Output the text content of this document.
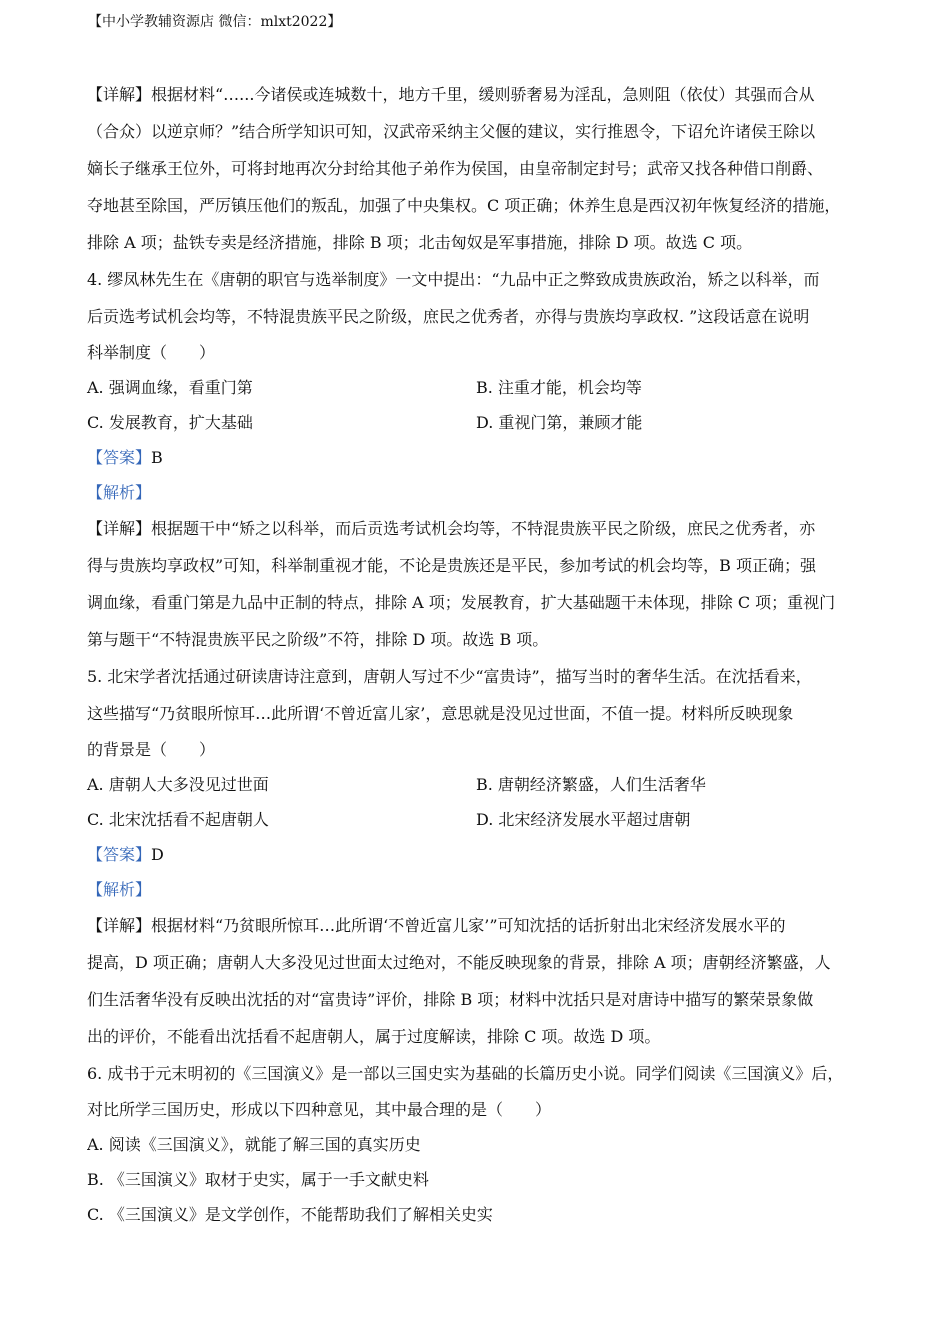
【中小学教辅资源店 微信：mlxt2022】
【详解】根据材料“…...今诸侯或连城数十，地方千里，缓则骄奢易为淫乱，急则阻（依仗）其强而合从
（合众）以逆京师？”结合所学知识可知，汉武帝采纳主父偃的建议，实行推恩令，下诏允许诸侯王除以
嫡长子继承王位外，可将封地再次分封给其他子弟作为侯国，由皇帝制定封号；武帝又找各种借口削爵、
夺地甚至除国，严厉镇压他们的叛乱，加强了中央集权。C 项正确；休养生息是西汉初年恢复经济的措施，
排除 A 项；盐铁专卖是经济措施，排除 B 项；北击匈奴是军事措施，排除 D 项。故选 C 项。
4. 缪凤林先生在《唐朝的职官与选举制度》一文中提出：“九品中正之弊致成贵族政治，矫之以科举，而
后贡选考试机会均等，不特混贵族平民之阶级，庶民之优秀者，亦得与贵族均享政权. ”这段话意在说明
科举制度（　　）
A. 强调血缘，看重门第	B. 注重才能，机会均等
C. 发展教育，扩大基础	D. 重视门第，兼顾才能
【答案】B
【解析】
【详解】根据题干中“矫之以科举，而后贡选考试机会均等，不特混贵族平民之阶级，庶民之优秀者，亦
得与贵族均享政权”可知，科举制重视才能，不论是贵族还是平民，参加考试的机会均等，B 项正确；强
调血缘，看重门第是九品中正制的特点，排除 A 项；发展教育，扩大基础题干未体现，排除 C 项；重视门
第与题干“不特混贵族平民之阶级”不符，排除 D 项。故选 B 项。
5. 北宋学者沈括通过研读唐诗注意到，唐朝人写过不少“富贵诗”，描写当时的奢华生活。在沈括看来，
这些描写“乃贫眼所惊耳…此所谓‘不曾近富儿家’，意思就是没见过世面，不值一提。材料所反映现象
的背景是（　　）
A. 唐朝人大多没见过世面	B. 唐朝经济繁盛，人们生活奢华
C. 北宋沈括看不起唐朝人	D. 北宋经济发展水平超过唐朝
【答案】D
【解析】
【详解】根据材料“乃贫眼所惊耳…此所谓‘不曾近富儿家’”可知沈括的话折射出北宋经济发展水平的
提高，D 项正确；唐朝人大多没见过世面太过绝对，不能反映现象的背景，排除 A 项；唐朝经济繁盛，人
们生活奢华没有反映出沈括的对“富贵诗”评价，排除 B 项；材料中沈括只是对唐诗中描写的繁荣景象做
出的评价，不能看出沈括看不起唐朝人，属于过度解读，排除 C 项。故选 D 项。
6. 成书于元末明初的《三国演义》是一部以三国史实为基础的长篇历史小说。同学们阅读《三国演义》后，
对比所学三国历史，形成以下四种意见，其中最合理的是（　　）
A. 阅读《三国演义》，就能了解三国的真实历史
B. 《三国演义》取材于史实，属于一手文献史料
C. 《三国演义》是文学创作，不能帮助我们了解相关史实
